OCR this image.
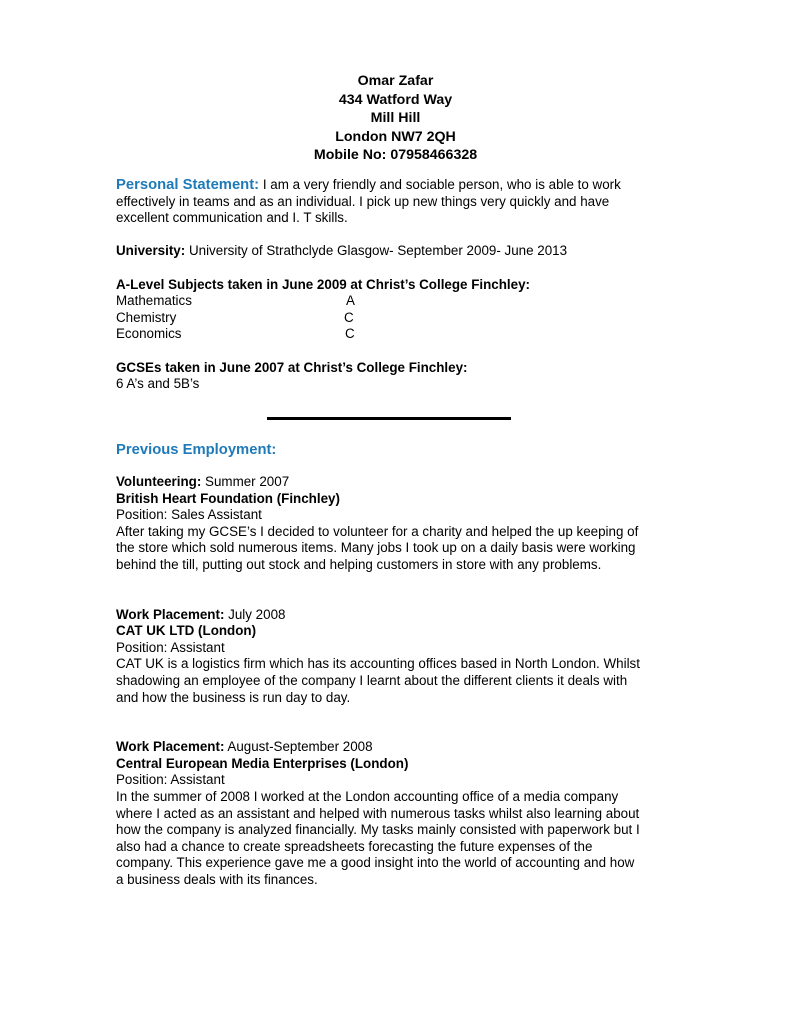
Omar Zafar
434 Watford Way
Mill Hill
London NW7 2QH
Mobile No: 07958466328

Personal Statement: I am a very friendly and sociable person, who is able to work

effectively in teams and as an individual. I pick up new things very quickly and have

excellent communication and I. T skills.

University: University of Strathclyde Glasgow- September 2009- June 2013

A-Level Subjects taken in June 2009 at Christ’s College Finchley:

Mathematics	A
Chemistry	C
Economics	C

GCSEs taken in June 2007 at Christ’s College Finchley:

6 A’s and 5B’s

Previous Employment:

Volunteering: Summer 2007

British Heart Foundation (Finchley)

Position: Sales Assistant

After taking my GCSE’s I decided to volunteer for a charity and helped the up keeping of

the store which sold numerous items. Many jobs I took up on a daily basis were working

behind the till, putting out stock and helping customers in store with any problems.

Work Placement: July 2008

CAT UK LTD (London)

Position: Assistant

CAT UK is a logistics firm which has its accounting offices based in North London. Whilst

shadowing an employee of the company I learnt about the different clients it deals with

and how the business is run day to day.

Work Placement: August-September 2008

Central European Media Enterprises (London)

Position: Assistant

In the summer of 2008 I worked at the London accounting office of a media company

where I acted as an assistant and helped with numerous tasks whilst also learning about

how the company is analyzed financially. My tasks mainly consisted with paperwork but I

also had a chance to create spreadsheets forecasting the future expenses of the

company. This experience gave me a good insight into the world of accounting and how

a business deals with its finances.
